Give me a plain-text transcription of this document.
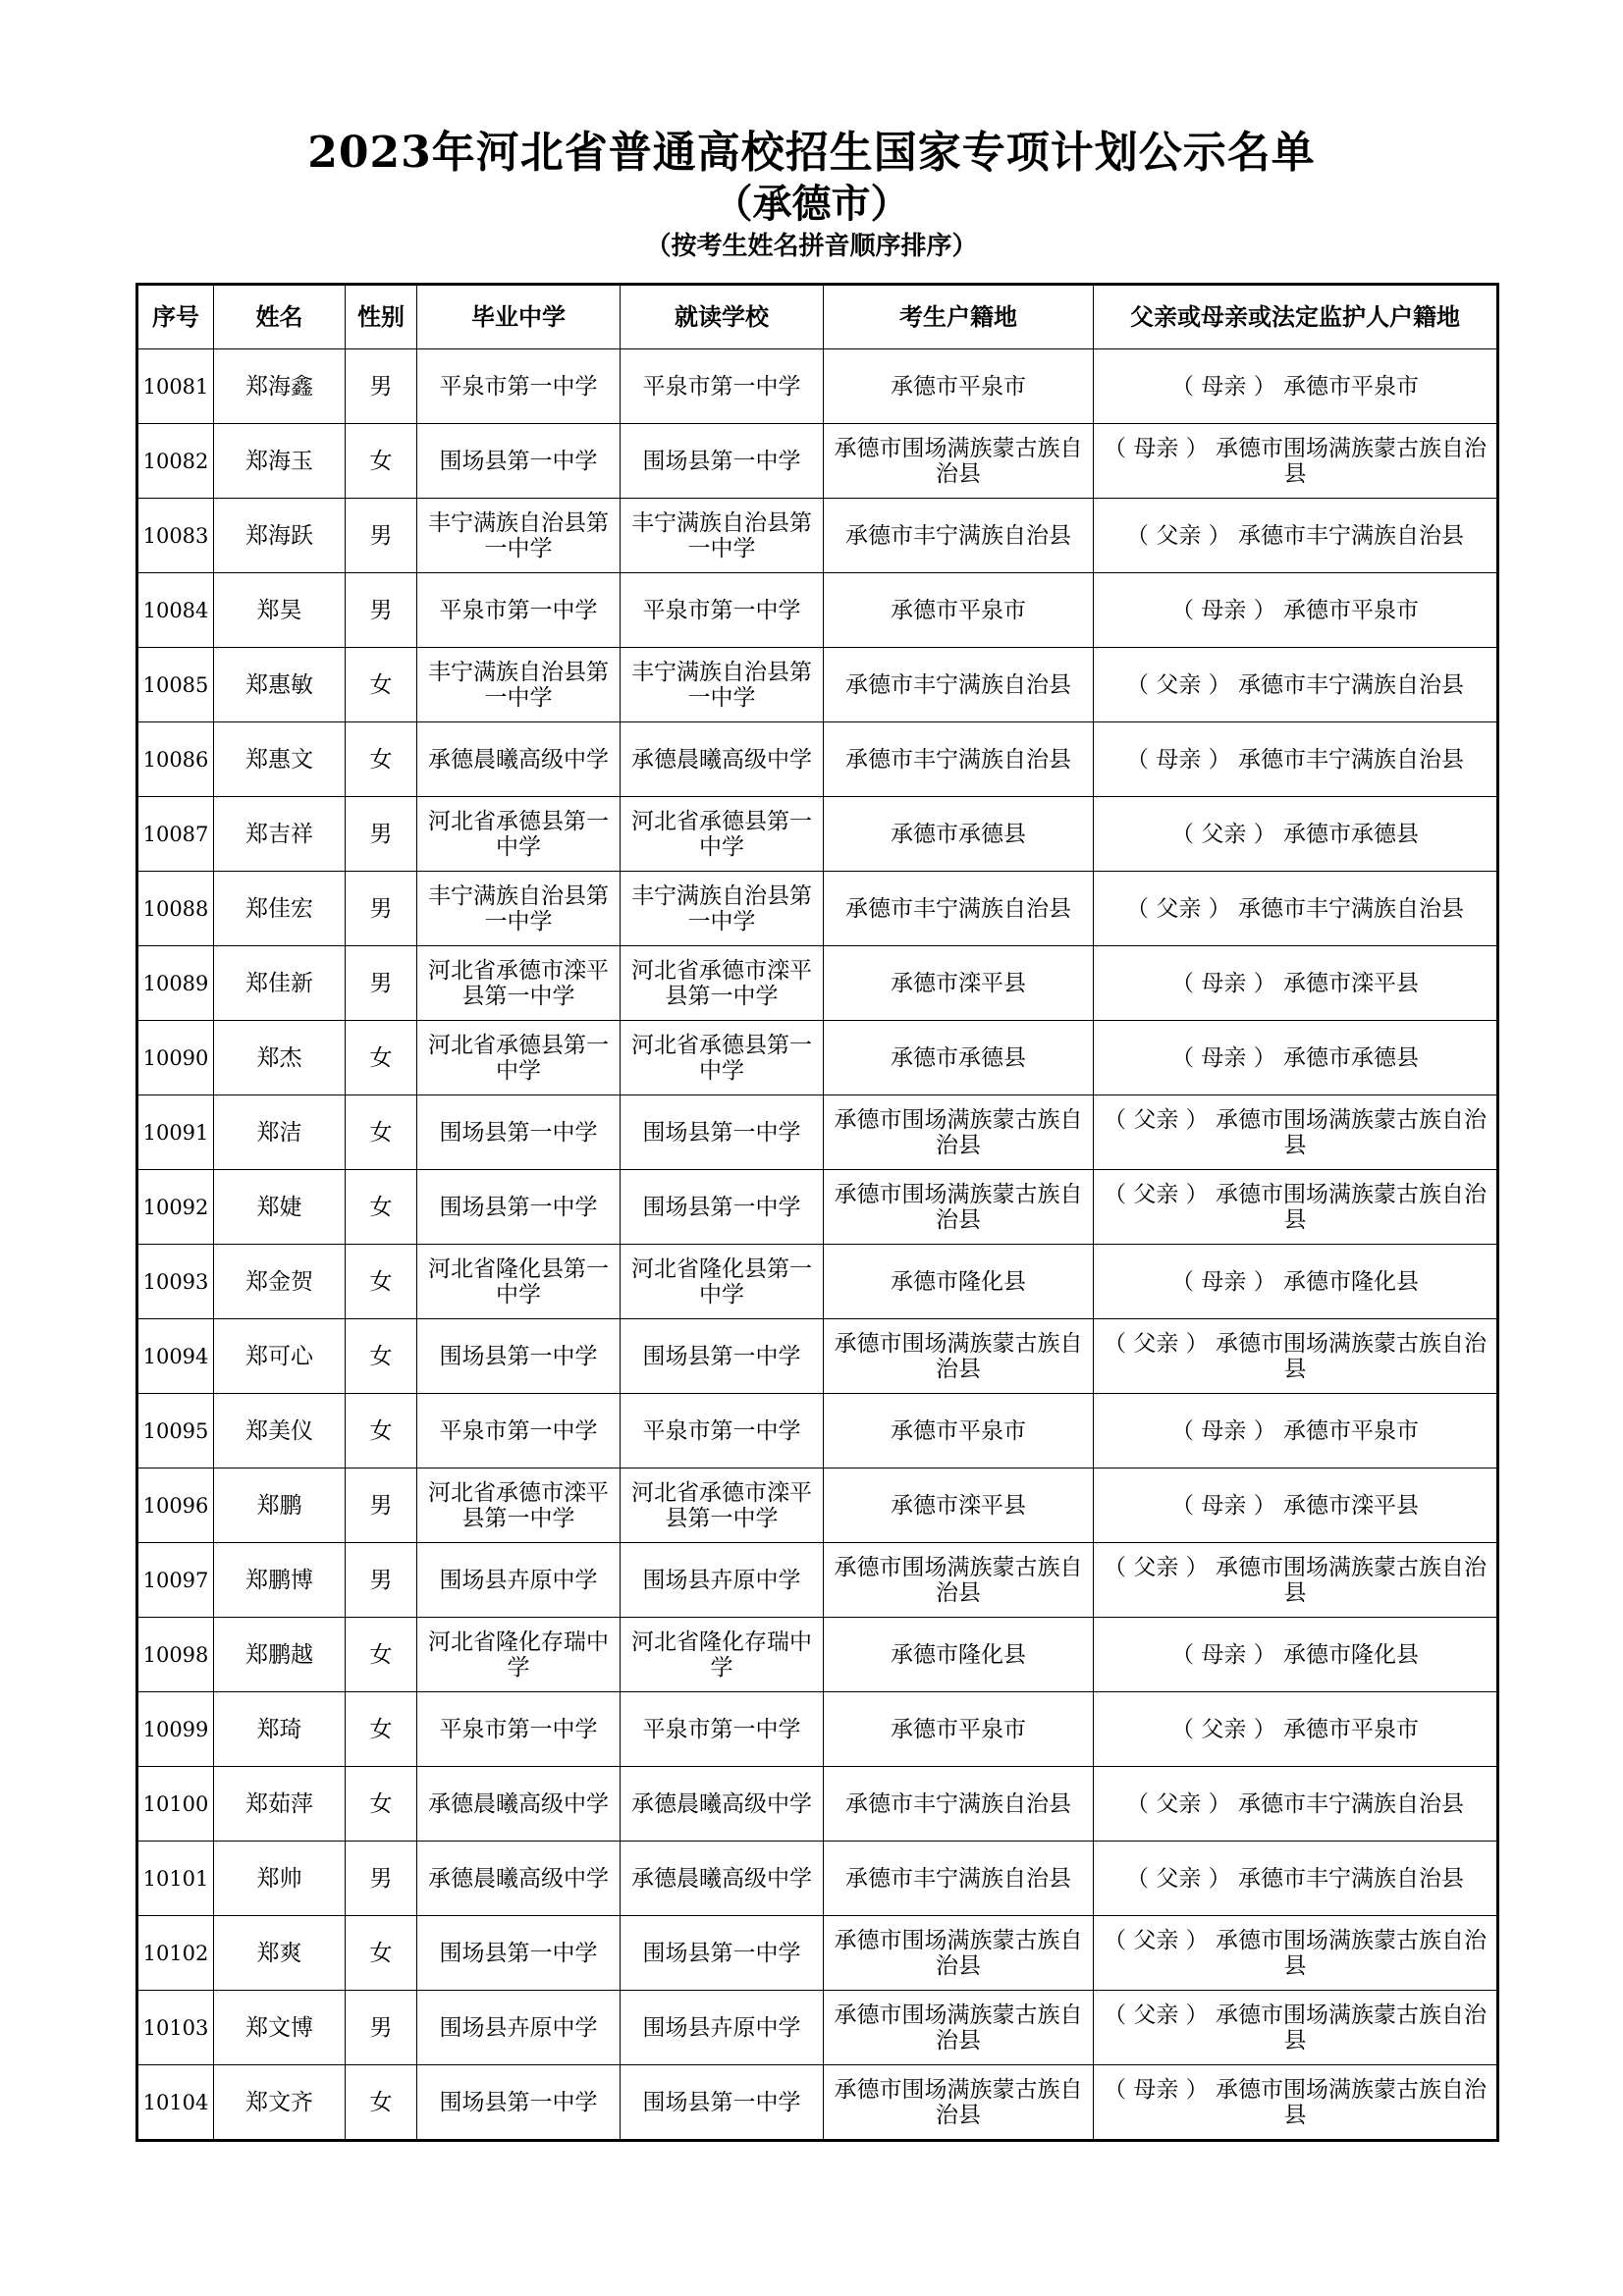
2023年河北省普通高校招生国家专项计划公示名单
（承德市）
（按考生姓名拼音顺序排序）
序号	姓名	性别	毕业中学	就读学校	考生户籍地	父亲或母亲或法定监护人户籍地
10081	郑海鑫	男	平泉市第一中学	平泉市第一中学	承德市平泉市	（ 母亲 ） 承德市平泉市
10082	郑海玉	女	围场县第一中学	围场县第一中学	承德市围场满族蒙古族自治县	（ 母亲 ） 承德市围场满族蒙古族自治县
10083	郑海跃	男	丰宁满族自治县第一中学	丰宁满族自治县第一中学	承德市丰宁满族自治县	（ 父亲 ） 承德市丰宁满族自治县
10084	郑昊	男	平泉市第一中学	平泉市第一中学	承德市平泉市	（ 母亲 ） 承德市平泉市
10085	郑惠敏	女	丰宁满族自治县第一中学	丰宁满族自治县第一中学	承德市丰宁满族自治县	（ 父亲 ） 承德市丰宁满族自治县
10086	郑惠文	女	承德晨曦高级中学	承德晨曦高级中学	承德市丰宁满族自治县	（ 母亲 ） 承德市丰宁满族自治县
10087	郑吉祥	男	河北省承德县第一中学	河北省承德县第一中学	承德市承德县	（ 父亲 ） 承德市承德县
10088	郑佳宏	男	丰宁满族自治县第一中学	丰宁满族自治县第一中学	承德市丰宁满族自治县	（ 父亲 ） 承德市丰宁满族自治县
10089	郑佳新	男	河北省承德市滦平县第一中学	河北省承德市滦平县第一中学	承德市滦平县	（ 母亲 ） 承德市滦平县
10090	郑杰	女	河北省承德县第一中学	河北省承德县第一中学	承德市承德县	（ 母亲 ） 承德市承德县
10091	郑洁	女	围场县第一中学	围场县第一中学	承德市围场满族蒙古族自治县	（ 父亲 ） 承德市围场满族蒙古族自治县
10092	郑婕	女	围场县第一中学	围场县第一中学	承德市围场满族蒙古族自治县	（ 父亲 ） 承德市围场满族蒙古族自治县
10093	郑金贺	女	河北省隆化县第一中学	河北省隆化县第一中学	承德市隆化县	（ 母亲 ） 承德市隆化县
10094	郑可心	女	围场县第一中学	围场县第一中学	承德市围场满族蒙古族自治县	（ 父亲 ） 承德市围场满族蒙古族自治县
10095	郑美仪	女	平泉市第一中学	平泉市第一中学	承德市平泉市	（ 母亲 ） 承德市平泉市
10096	郑鹏	男	河北省承德市滦平县第一中学	河北省承德市滦平县第一中学	承德市滦平县	（ 母亲 ） 承德市滦平县
10097	郑鹏博	男	围场县卉原中学	围场县卉原中学	承德市围场满族蒙古族自治县	（ 父亲 ） 承德市围场满族蒙古族自治县
10098	郑鹏越	女	河北省隆化存瑞中学	河北省隆化存瑞中学	承德市隆化县	（ 母亲 ） 承德市隆化县
10099	郑琦	女	平泉市第一中学	平泉市第一中学	承德市平泉市	（ 父亲 ） 承德市平泉市
10100	郑茹萍	女	承德晨曦高级中学	承德晨曦高级中学	承德市丰宁满族自治县	（ 父亲 ） 承德市丰宁满族自治县
10101	郑帅	男	承德晨曦高级中学	承德晨曦高级中学	承德市丰宁满族自治县	（ 父亲 ） 承德市丰宁满族自治县
10102	郑爽	女	围场县第一中学	围场县第一中学	承德市围场满族蒙古族自治县	（ 父亲 ） 承德市围场满族蒙古族自治县
10103	郑文博	男	围场县卉原中学	围场县卉原中学	承德市围场满族蒙古族自治县	（ 父亲 ） 承德市围场满族蒙古族自治县
10104	郑文齐	女	围场县第一中学	围场县第一中学	承德市围场满族蒙古族自治县	（ 母亲 ） 承德市围场满族蒙古族自治县
